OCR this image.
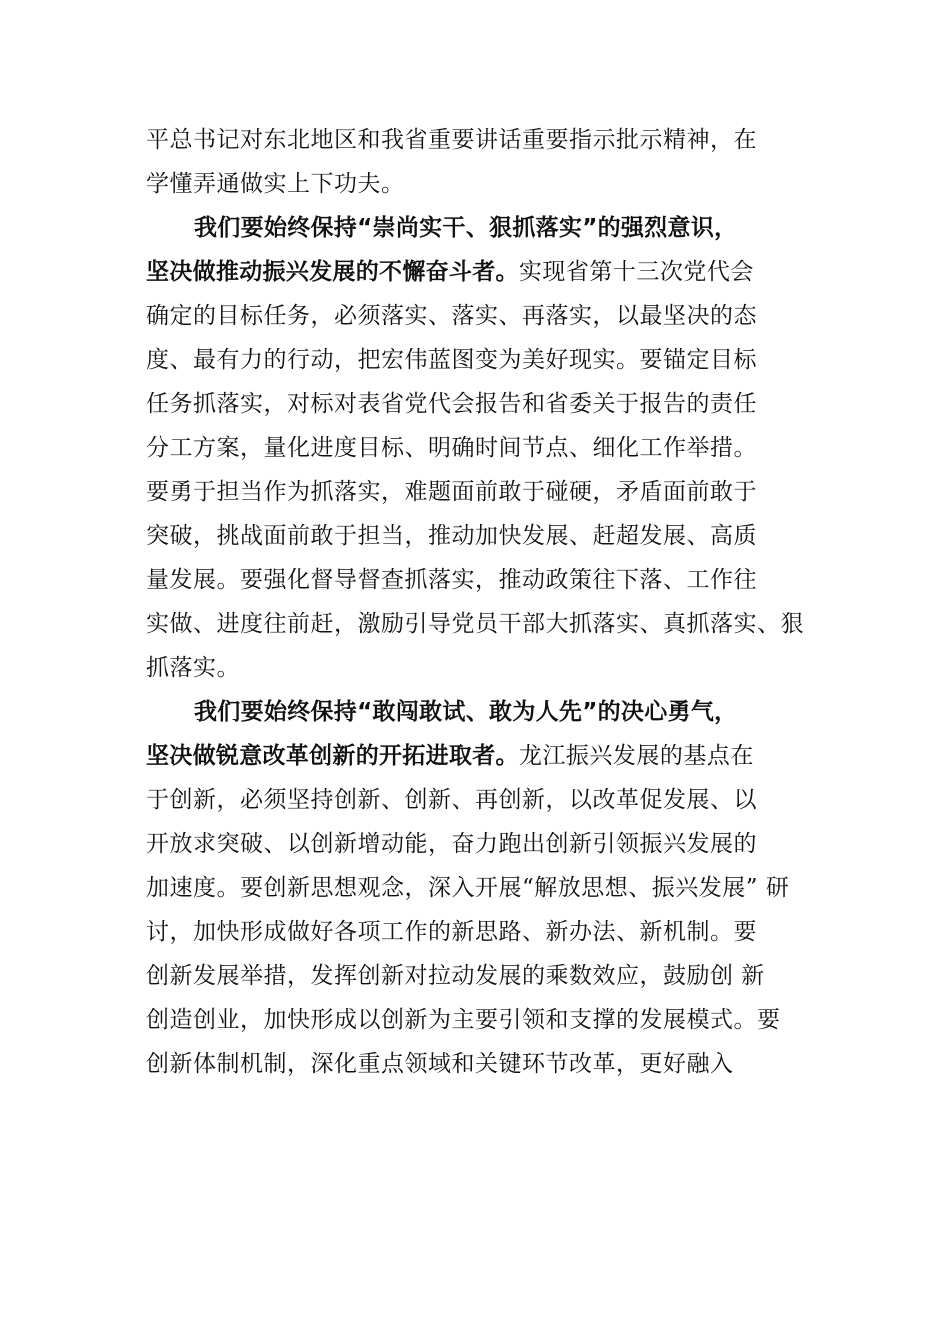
平总书记对东北地区和我省重要讲话重要指示批示精神，在
学懂弄通做实上下功夫。

我们要始终保持“崇尚实干、狠抓落实”的强烈意识，
坚决做推动振兴发展的不懈奋斗者。实现省第十三次党代会
确定的目标任务，必须落实、落实、再落实，以最坚决的态
度、最有力的行动，把宏伟蓝图变为美好现实。要锚定目标
任务抓落实，对标对表省党代会报告和省委关于报告的责任
分工方案，量化进度目标、明确时间节点、细化工作举措。
要勇于担当作为抓落实，难题面前敢于碰硬，矛盾面前敢于
突破，挑战面前敢于担当，推动加快发展、赶超发展、高质
量发展。要强化督导督查抓落实，推动政策往下落、工作往
实做、进度往前赶，激励引导党员干部大抓落实、真抓落实、狠
抓落实。

我们要始终保持“敢闯敢试、敢为人先”的决心勇气，
坚决做锐意改革创新的开拓进取者。龙江振兴发展的基点在
于创新，必须坚持创新、创新、再创新，以改革促发展、以
开放求突破、以创新增动能，奋力跑出创新引领振兴发展的
加速度。要创新思想观念，深入开展“解放思想、振兴发展” 研
讨，加快形成做好各项工作的新思路、新办法、新机制。要
创新发展举措，发挥创新对拉动发展的乘数效应，鼓励创 新
创造创业，加快形成以创新为主要引领和支撑的发展模式。要
创新体制机制，深化重点领域和关键环节改革，更好融入
